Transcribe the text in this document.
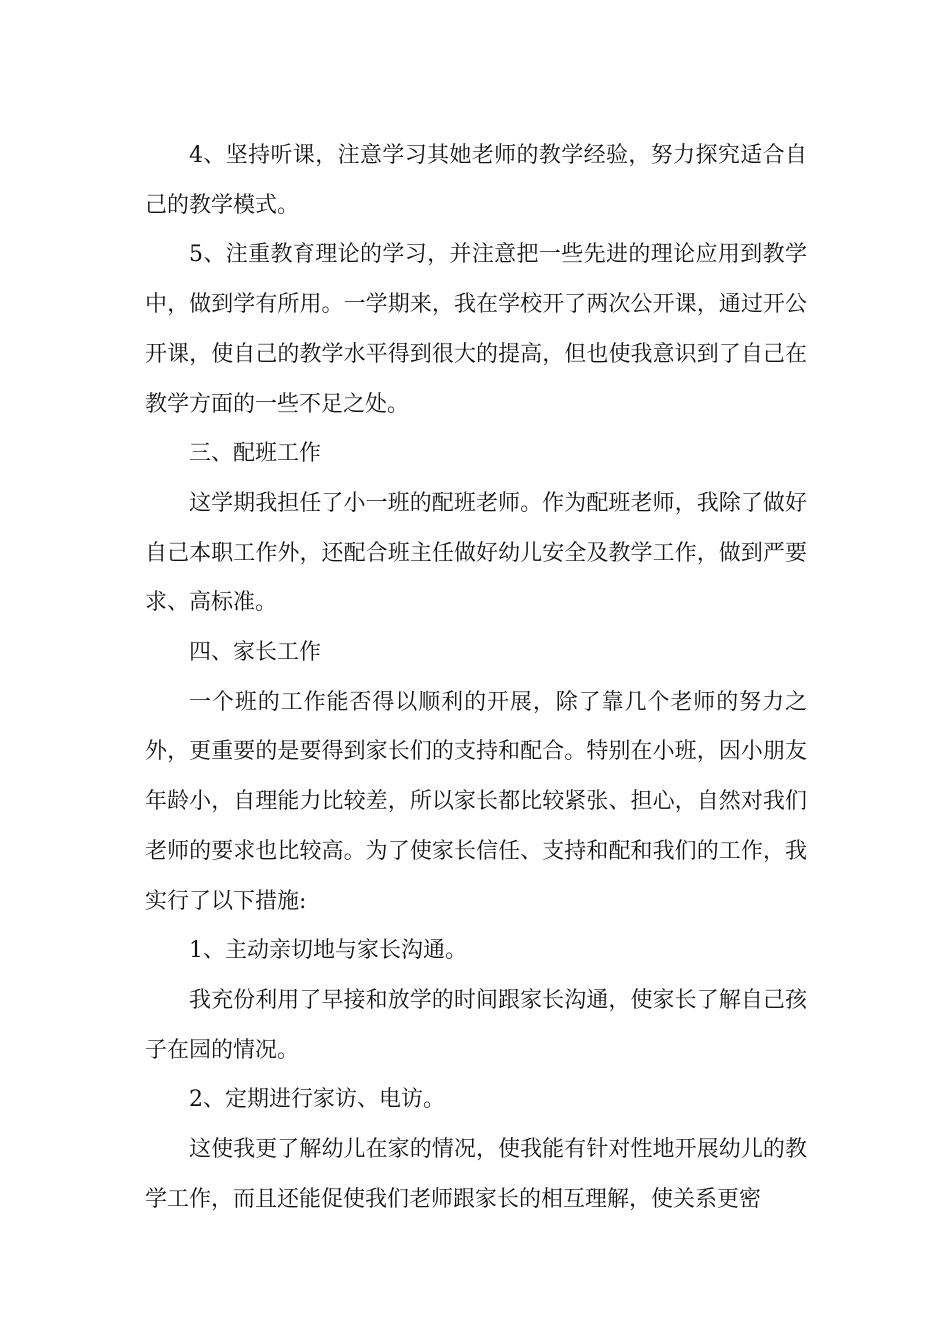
4、坚持听课，注意学习其她老师的教学经验，努力探究适合自己的教学模式。

5、注重教育理论的学习，并注意把一些先进的理论应用到教学中，做到学有所用。一学期来，我在学校开了两次公开课，通过开公开课，使自己的教学水平得到很大的提高，但也使我意识到了自己在教学方面的一些不足之处。

三、配班工作

这学期我担任了小一班的配班老师。作为配班老师，我除了做好自己本职工作外，还配合班主任做好幼儿安全及教学工作，做到严要求、高标准。

四、家长工作

一个班的工作能否得以顺利的开展，除了靠几个老师的努力之外，更重要的是要得到家长们的支持和配合。特别在小班，因小朋友年龄小，自理能力比较差，所以家长都比较紧张、担心，自然对我们老师的要求也比较高。为了使家长信任、支持和配和我们的工作，我实行了以下措施:

1、主动亲切地与家长沟通。

我充份利用了早接和放学的时间跟家长沟通，使家长了解自己孩子在园的情况。

2、定期进行家访、电访。

这使我更了解幼儿在家的情况，使我能有针对性地开展幼儿的教学工作，而且还能促使我们老师跟家长的相互理解，使关系更密
